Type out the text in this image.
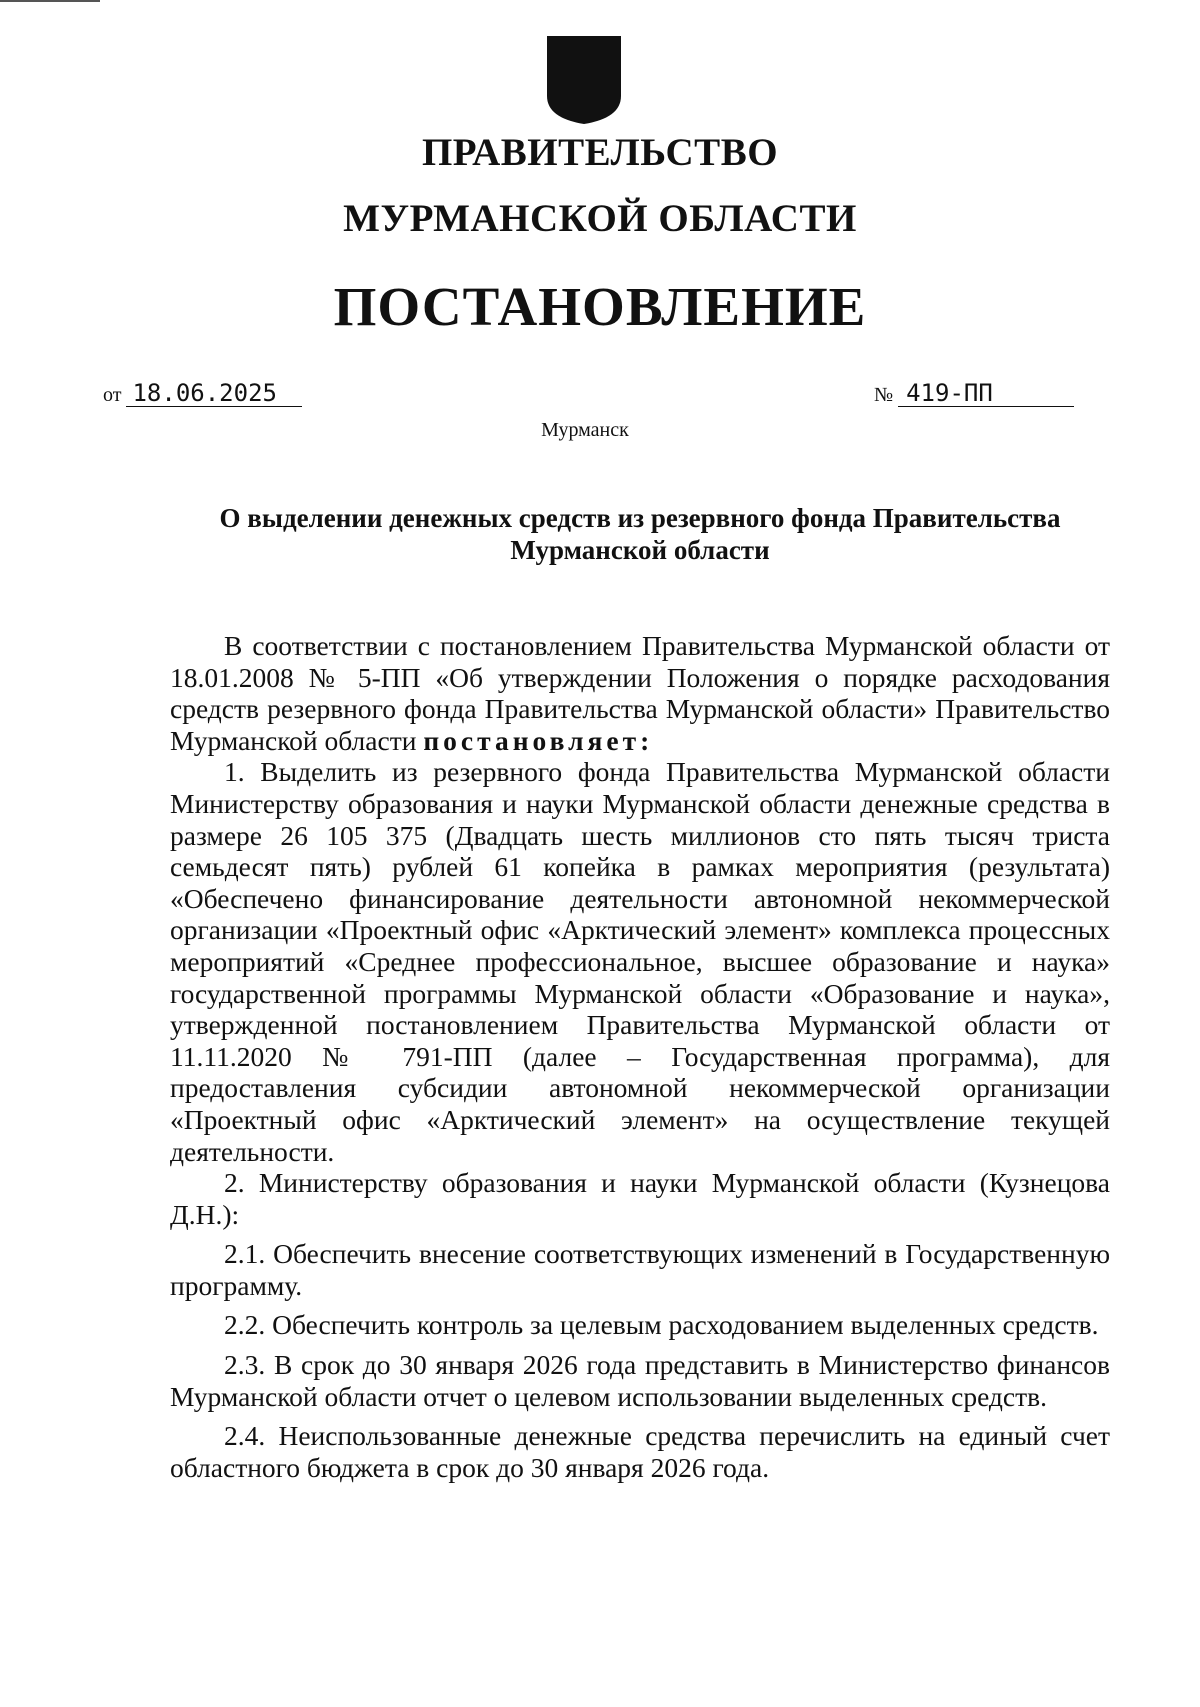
ПРАВИТЕЛЬСТВО
МУРМАНСКОЙ ОБЛАСТИ
ПОСТАНОВЛЕНИЕ
от 18.06.2025	№ 419-ПП
Мурманск
О выделении денежных средств из резервного фонда Правительства
Мурманской области

В соответствии с постановлением Правительства Мурманской области от 18.01.2008 № 5-ПП «Об утверждении Положения о порядке расходования средств резервного фонда Правительства Мурманской области» Правительство Мурманской области постановляет:

1. Выделить из резервного фонда Правительства Мурманской области Министерству образования и науки Мурманской области денежные средства в размере 26 105 375 (Двадцать шесть миллионов сто пять тысяч триста семьдесят пять) рублей 61 копейка в рамках мероприятия (результата) «Обеспечено финансирование деятельности автономной некоммерческой организации «Проектный офис «Арктический элемент» комплекса процессных мероприятий «Среднее профессиональное, высшее образование и наука» государственной программы Мурманской области «Образование и наука», утвержденной постановлением Правительства Мурманской области от 11.11.2020 № 791-ПП (далее – Государственная программа), для предоставления субсидии автономной некоммерческой организации «Проектный офис «Арктический элемент» на осуществление текущей деятельности.

2. Министерству образования и науки Мурманской области (Кузнецова Д.Н.):

2.1. Обеспечить внесение соответствующих изменений в Государственную программу.

2.2. Обеспечить контроль за целевым расходованием выделенных средств.

2.3. В срок до 30 января 2026 года представить в Министерство финансов Мурманской области отчет о целевом использовании выделенных средств.

2.4. Неиспользованные денежные средства перечислить на единый счет областного бюджета в срок до 30 января 2026 года.
